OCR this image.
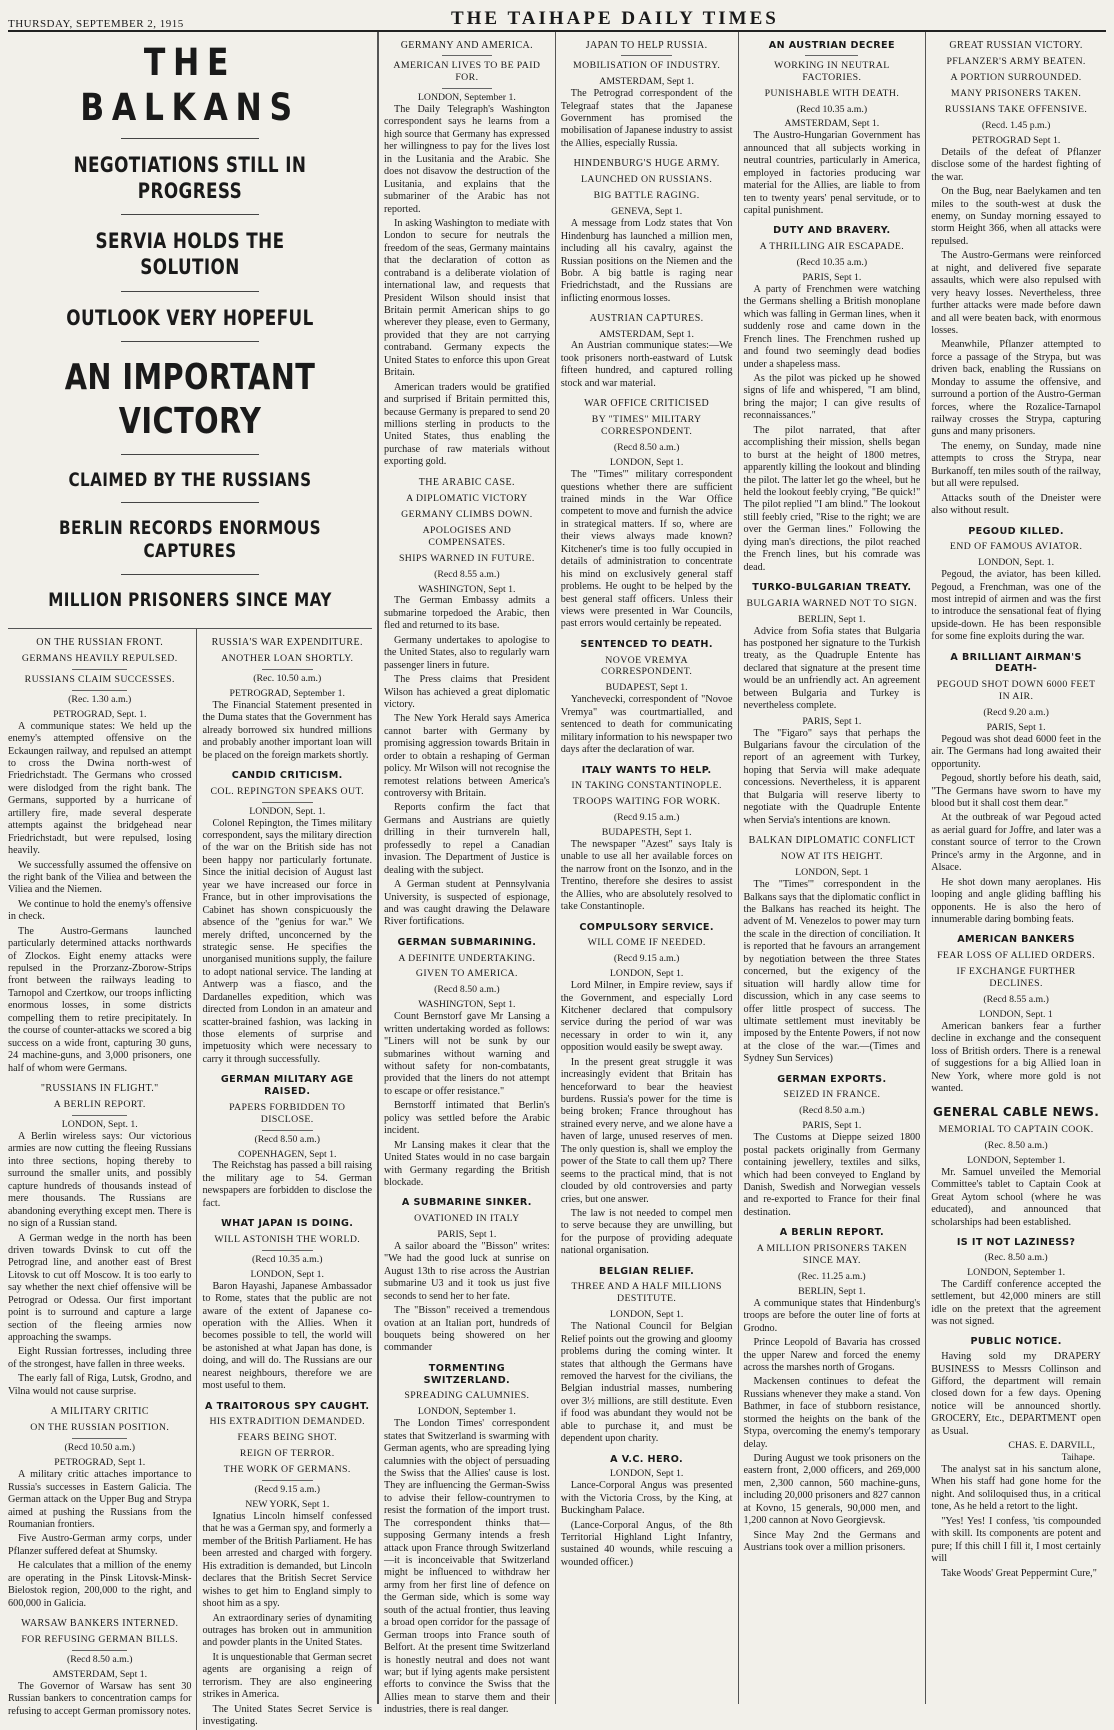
THURSDAY, SEPTEMBER 2, 1915	THE TAIHAPE DAILY TIMES
THE BALKANS
NEGOTIATIONS STILL IN PROGRESS
SERVIA HOLDS THE SOLUTION
OUTLOOK VERY HOPEFUL
AN IMPORTANT VICTORY
CLAIMED BY THE RUSSIANS
BERLIN RECORDS ENORMOUS CAPTURES
MILLION PRISONERS SINCE MAY
ON THE RUSSIAN FRONT.
GERMANS HEAVILY REPULSED.
RUSSIANS CLAIM SUCCESSES.
(Rec. 1.30 a.m.)
PETROGRAD, Sept. 1.

A communique states: We held up the enemy's attempted offensive on the Eckaungen railway, and repulsed an attempt to cross the Dwina north-west of Friedrichstadt. The Germans who crossed were dislodged from the right bank. The Germans, supported by a hurricane of artillery fire, made several desperate attempts against the bridgehead near Friedrichstadt, but were repulsed, losing heavily.

We successfully assumed the offensive on the right bank of the Viliea and between the Viliea and the Niemen.

We continue to hold the enemy's offensive in check.

The Austro-Germans launched particularly determined attacks northwards of Zlockos. Eight enemy attacks were repulsed in the Prorzanz-Zborow-Strips front between the railways leading to Tarnopol and Czertkow, our troops inflicting enormous losses, in some districts compelling them to retire precipitately. In the course of counter-attacks we scored a big success on a wide front, capturing 30 guns, 24 machine-guns, and 3,000 prisoners, one half of whom were Germans.

"RUSSIANS IN FLIGHT."
A BERLIN REPORT.
LONDON, Sept. 1.

A Berlin wireless says: Our victorious armies are now cutting the fleeing Russians into three sections, hoping thereby to surround the smaller units, and possibly capture hundreds of thousands instead of mere thousands. The Russians are abandoning everything except men. There is no sign of a Russian stand.

A German wedge in the north has been driven towards Dvinsk to cut off the Petrograd line, and another east of Brest Litovsk to cut off Moscow. It is too early to say whether the next chief offensive will be Petrograd or Odessa. Our first important point is to surround and capture a large section of the fleeing armies now approaching the swamps.

Eight Russian fortresses, including three of the strongest, have fallen in three weeks.

The early fall of Riga, Lutsk, Grodno, and Vilna would not cause surprise.

A MILITARY CRITIC
ON THE RUSSIAN POSITION.
(Recd 10.50 a.m.)
PETROGRAD, Sept 1.

A military critic attaches importance to Russia's successes in Eastern Galicia. The German attack on the Upper Bug and Strypa aimed at pushing the Russians from the Roumanian frontiers.

Five Austro-German army corps, under Pflanzer suffered defeat at Shumsky.

He calculates that a million of the enemy are operating in the Pinsk Litovsk-Minsk-Bielostok region, 200,000 to the right, and 600,000 in Galicia.

WARSAW BANKERS INTERNED.
FOR REFUSING GERMAN BILLS.
(Recd 8.50 a.m.)
AMSTERDAM, Sept 1.

The Governor of Warsaw has sent 30 Russian bankers to concentration camps for refusing to accept German promissory notes.

RUSSIA'S WAR EXPENDITURE.
ANOTHER LOAN SHORTLY.
(Rec. 10.50 a.m.)
PETROGRAD, September 1.

The Financial Statement presented in the Duma states that the Government has already borrowed six hundred millions and probably another important loan will be placed on the foreign markets shortly.

CANDID CRITICISM.
COL. REPINGTON SPEAKS OUT.
LONDON, Sept. 1.

Colonel Repington, the Times military correspondent, says the military direction of the war on the British side has not been happy nor particularly fortunate. Since the initial decision of August last year we have increased our force in France, but in other improvisations the Cabinet has shown conspicuously the absence of the "genius for war." We merely drifted, unconcerned by the strategic sense. He specifies the unorganised munitions supply, the failure to adopt national service. The landing at Antwerp was a fiasco, and the Dardanelles expedition, which was directed from London in an amateur and scatter-brained fashion, was lacking in those elements of surprise and impetuosity which were necessary to carry it through successfully.

GERMAN MILITARY AGE RAISED.
PAPERS FORBIDDEN TO DISCLOSE.
(Recd 8.50 a.m.)
COPENHAGEN, Sept 1.

The Reichstag has passed a bill raising the military age to 54. German newspapers are forbidden to disclose the fact.

WHAT JAPAN IS DOING.
WILL ASTONISH THE WORLD.
(Recd 10.35 a.m.)
LONDON, Sept 1.

Baron Hayashi, Japanese Ambassador to Rome, states that the public are not aware of the extent of Japanese co-operation with the Allies. When it becomes possible to tell, the world will be astonished at what Japan has done, is doing, and will do. The Russians are our nearest neighbours, therefore we are most useful to them.

A TRAITOROUS SPY CAUGHT.
HIS EXTRADITION DEMANDED.
FEARS BEING SHOT.
REIGN OF TERROR.
THE WORK OF GERMANS.
(Recd 9.15 a.m.)
NEW YORK, Sept 1.

Ignatius Lincoln himself confessed that he was a German spy, and formerly a member of the British Parliament. He has been arrested and charged with forgery. His extradition is demanded, but Lincoln declares that the British Secret Service wishes to get him to England simply to shoot him as a spy.

An extraordinary series of dynamiting outrages has broken out in ammunition and powder plants in the United States.

It is unquestionable that German secret agents are organising a reign of terrorism. They are also engineering strikes in America.

The United States Secret Service is investigating.

GERMANY AND AMERICA.
AMERICAN LIVES TO BE PAID FOR.
LONDON, September 1.

The Daily Telegraph's Washington correspondent says he learns from a high source that Germany has expressed her willingness to pay for the lives lost in the Lusitania and the Arabic. She does not disavow the destruction of the Lusitania, and explains that the submariner of the Arabic has not reported.

In asking Washington to mediate with London to secure for neutrals the freedom of the seas, Germany maintains that the declaration of cotton as contraband is a deliberate violation of international law, and requests that President Wilson should insist that Britain permit American ships to go wherever they please, even to Germany, provided that they are not carrying contraband. Germany expects the United States to enforce this upon Great Britain.

American traders would be gratified and surprised if Britain permitted this, because Germany is prepared to send 20 millions sterling in products to the United States, thus enabling the purchase of raw materials without exporting gold.

THE ARABIC CASE.
A DIPLOMATIC VICTORY
GERMANY CLIMBS DOWN.
APOLOGISES AND COMPENSATES.
SHIPS WARNED IN FUTURE.
(Recd 8.55 a.m.)
WASHINGTON, Sept 1.

The German Embassy admits a submarine torpedoed the Arabic, then fled and returned to its base.

Germany undertakes to apologise to the United States, also to regularly warn passenger liners in future.

The Press claims that President Wilson has achieved a great diplomatic victory.

The New York Herald says America cannot barter with Germany by promising aggression towards Britain in order to obtain a reshaping of German policy. Mr Wilson will not recognise the remotest relations between America's controversy with Britain.

Reports confirm the fact that Germans and Austrians are quietly drilling in their turnvereln hall, professedly to repel a Canadian invasion. The Department of Justice is dealing with the subject.

A German student at Pennsylvania University, is suspected of espionage, and was caught drawing the Delaware River fortifications.

GERMAN SUBMARINING.
A DEFINITE UNDERTAKING.
GIVEN TO AMERICA.
(Recd 8.50 a.m.)
WASHINGTON, Sept 1.

Count Bernstorf gave Mr Lansing a written undertaking worded as follows: "Liners will not be sunk by our submarines without warning and without safety for non-combatants, provided that the liners do not attempt to escape or offer resistance."

Bernstorff intimated that Berlin's policy was settled before the Arabic incident.

Mr Lansing makes it clear that the United States would in no case bargain with Germany regarding the British blockade.

A SUBMARINE SINKER.
OVATIONED IN ITALY
PARIS, Sept 1.

A sailor aboard the "Bisson" writes: "We had the good luck at sunrise on August 13th to rise across the Austrian submarine U3 and it took us just five seconds to send her to her fate.

The "Bisson" received a tremendous ovation at an Italian port, hundreds of bouquets being showered on her commander

TORMENTING SWITZERLAND.
SPREADING CALUMNIES.
LONDON, September 1.

The London Times' correspondent states that Switzerland is swarming with German agents, who are spreading lying calumnies with the object of persuading the Swiss that the Allies' cause is lost. They are influencing the German-Swiss to advise their fellow-countrymen to resist the formation of the import trust. The correspondent thinks that—supposing Germany intends a fresh attack upon France through Switzerland—it is inconceivable that Switzerland might be influenced to withdraw her army from her first line of defence on the German side, which is some way south of the actual frontier, thus leaving a broad open corridor for the passage of German troops into France south of Belfort. At the present time Switzerland is honestly neutral and does not want war; but if lying agents make persistent efforts to convince the Swiss that the Allies mean to starve them and their industries, there is real danger.

JAPAN TO HELP RUSSIA.
MOBILISATION OF INDUSTRY.
AMSTERDAM, Sept 1.

The Petrograd correspondent of the Telegraaf states that the Japanese Government has promised the mobilisation of Japanese industry to assist the Allies, especially Russia.

HINDENBURG'S HUGE ARMY.
LAUNCHED ON RUSSIANS.
BIG BATTLE RAGING.
GENEVA, Sept 1.

A message from Lodz states that Von Hindenburg has launched a million men, including all his cavalry, against the Russian positions on the Niemen and the Bobr. A big battle is raging near Friedrichstadt, and the Russians are inflicting enormous losses.

AUSTRIAN CAPTURES.
AMSTERDAM, Sept 1.

An Austrian communique states:—We took prisoners north-eastward of Lutsk fifteen hundred, and captured rolling stock and war material.

WAR OFFICE CRITICISED
BY "TIMES" MILITARY CORRESPONDENT.
(Recd 8.50 a.m.)
LONDON, Sept 1.

The "Times'" military correspondent questions whether there are sufficient trained minds in the War Office competent to move and furnish the advice in strategical matters. If so, where are their views always made known? Kitchener's time is too fully occupied in details of administration to concentrate his mind on exclusively general staff problems. He ought to be helped by the best general staff officers. Unless their views were presented in War Councils, past errors would certainly be repeated.

SENTENCED TO DEATH.
NOVOE VREMYA CORRESPONDENT.
BUDAPEST, Sept 1.

Yanchevecki, correspondent of "Novoe Vremya" was courtmartialled, and sentenced to death for communicating military information to his newspaper two days after the declaration of war.

ITALY WANTS TO HELP.
IN TAKING CONSTANTINOPLE.
TROOPS WAITING FOR WORK.
(Recd 9.15 a.m.)
BUDAPESTH, Sept 1.

The newspaper "Azest" says Italy is unable to use all her available forces on the narrow front on the Isonzo, and in the Trentino, therefore she desires to assist the Allies, who are absolutely resolved to take Constantinople.

COMPULSORY SERVICE.
WILL COME IF NEEDED.
(Recd 9.15 a.m.)
LONDON, Sept 1.

Lord Milner, in Empire review, says if the Government, and especially Lord Kitchener declared that compulsory service during the period of war was necessary in order to win it, any opposition would easily be swept away.

In the present great struggle it was increasingly evident that Britain has henceforward to bear the heaviest burdens. Russia's power for the time is being broken; France throughout has strained every nerve, and we alone have a haven of large, unused reserves of men. The only question is, shall we employ the power of the State to call them up? There seems to the practical mind, that is not clouded by old controversies and party cries, but one answer.

The law is not needed to compel men to serve because they are unwilling, but for the purpose of providing adequate national organisation.

BELGIAN RELIEF.
THREE AND A HALF MILLIONS DESTITUTE.
LONDON, Sept 1.

The National Council for Belgian Relief points out the growing and gloomy problems during the coming winter. It states that although the Germans have removed the harvest for the civilians, the Belgian industrial masses, numbering over 3½ millions, are still destitute. Even if food was abundant they would not be able to purchase it, and must be dependent upon charity.

A V.C. HERO.
LONDON, Sept 1.

Lance-Corporal Angus was presented with the Victoria Cross, by the King, at Buckingham Palace.

(Lance-Corporal Angus, of the 8th Territorial Highland Light Infantry, sustained 40 wounds, while rescuing a wounded officer.)

AN AUSTRIAN DECREE
WORKING IN NEUTRAL FACTORIES.
PUNISHABLE WITH DEATH.
(Recd 10.35 a.m.)
AMSTERDAM, Sept 1.

The Austro-Hungarian Government has announced that all subjects working in neutral countries, particularly in America, employed in factories producing war material for the Allies, are liable to from ten to twenty years' penal servitude, or to capital punishment.

DUTY AND BRAVERY.
A THRILLING AIR ESCAPADE.
(Recd 10.35 a.m.)
PARIS, Sept 1.

A party of Frenchmen were watching the Germans shelling a British monoplane which was falling in German lines, when it suddenly rose and came down in the French lines. The Frenchmen rushed up and found two seemingly dead bodies under a shapeless mass.

As the pilot was picked up he showed signs of life and whispered, "I am blind, bring the major; I can give results of reconnaissances."

The pilot narrated, that after accomplishing their mission, shells began to burst at the height of 1800 metres, apparently killing the lookout and blinding the pilot. The latter let go the wheel, but he held the lookout feebly crying, "Be quick!" The pilot replied "I am blind." The lookout still feebly cried, "Rise to the right; we are over the German lines." Following the dying man's directions, the pilot reached the French lines, but his comrade was dead.

TURKO-BULGARIAN TREATY.
BULGARIA WARNED NOT TO SIGN.
BERLIN, Sept 1.

Advice from Sofia states that Bulgaria has postponed her signature to the Turkish treaty, as the Quadruple Entente has declared that signature at the present time would be an unfriendly act. An agreement between Bulgaria and Turkey is nevertheless complete.

PARIS, Sept 1.

The "Figaro" says that perhaps the Bulgarians favour the circulation of the report of an agreement with Turkey, hoping that Servia will make adequate concessions. Nevertheless, it is apparent that Bulgaria will reserve liberty to negotiate with the Quadruple Entente when Servia's intentions are known.

BALKAN DIPLOMATIC CONFLICT
NOW AT ITS HEIGHT.
LONDON, Sept. 1

The "Times'" correspondent in the Balkans says that the diplomatic conflict in the Balkans has reached its height. The advent of M. Venezelos to power may turn the scale in the direction of conciliation. It is reported that he favours an arrangement by negotiation between the three States concerned, but the exigency of the situation will hardly allow time for discussion, which in any case seems to offer little prospect of success. The ultimate settlement must inevitably be imposed by the Entente Powers, if not now at the close of the war.—(Times and Sydney Sun Services)

GERMAN EXPORTS.
SEIZED IN FRANCE.
(Recd 8.50 a.m.)
PARIS, Sept 1.

The Customs at Dieppe seized 1800 postal packets originally from Germany containing jewellery, textiles and silks, which had been conveyed to England by Danish, Swedish and Norwegian vessels and re-exported to France for their final destination.

A BERLIN REPORT.
A MILLION PRISONERS TAKEN SINCE MAY.
(Rec. 11.25 a.m.)
BERLIN, Sept 1.

A communique states that Hindenburg's troops are before the outer line of forts at Grodno.

Prince Leopold of Bavaria has crossed the upper Narew and forced the enemy across the marshes north of Grogans.

Mackensen continues to defeat the Russians whenever they make a stand. Von Bathmer, in face of stubborn resistance, stormed the heights on the bank of the Stypa, overcoming the enemy's temporary delay.

During August we took prisoners on the eastern front, 2,000 officers, and 269,000 men, 2,300 cannon, 560 machine-guns, including 20,000 prisoners and 827 cannon at Kovno, 15 generals, 90,000 men, and 1,200 cannon at Novo Georgievsk.

Since May 2nd the Germans and Austrians took over a million prisoners.

GREAT RUSSIAN VICTORY.
PFLANZER'S ARMY BEATEN.
A PORTION SURROUNDED.
MANY PRISONERS TAKEN.
RUSSIANS TAKE OFFENSIVE.
(Recd. 1.45 p.m.)
PETROGRAD Sept 1.

Details of the defeat of Pflanzer disclose some of the hardest fighting of the war.

On the Bug, near Baelykamen and ten miles to the south-west at dusk the enemy, on Sunday morning essayed to storm Height 366, when all attacks were repulsed.

The Austro-Germans were reinforced at night, and delivered five separate assaults, which were also repulsed with very heavy losses. Nevertheless, three further attacks were made before dawn and all were beaten back, with enormous losses.

Meanwhile, Pflanzer attempted to force a passage of the Strypa, but was driven back, enabling the Russians on Monday to assume the offensive, and surround a portion of the Austro-German forces, where the Rozalice-Tarnapol railway crosses the Strypa, capturing guns and many prisoners.

The enemy, on Sunday, made nine attempts to cross the Strypa, near Burkanoff, ten miles south of the railway, but all were repulsed.

Attacks south of the Dneister were also without result.

PEGOUD KILLED.
END OF FAMOUS AVIATOR.
LONDON, Sept. 1.

Pegoud, the aviator, has been killed. Pegoud, a Frenchman, was one of the most intrepid of airmen and was the first to introduce the sensational feat of flying upside-down. He has been responsible for some fine exploits during the war.

A BRILLIANT AIRMAN'S DEATH-
PEGOUD SHOT DOWN 6000 FEET IN AIR.
(Recd 9.20 a.m.)
PARIS, Sept 1.

Pegoud was shot dead 6000 feet in the air. The Germans had long awaited their opportunity.

Pegoud, shortly before his death, said, "The Germans have sworn to have my blood but it shall cost them dear."

At the outbreak of war Pegoud acted as aerial guard for Joffre, and later was a constant source of terror to the Crown Prince's army in the Argonne, and in Alsace.

He shot down many aeroplanes. His looping and angle gliding baffling his opponents. He is also the hero of innumerable daring bombing feats.

AMERICAN BANKERS
FEAR LOSS OF ALLIED ORDERS.
IF EXCHANGE FURTHER DECLINES.
(Recd 8.55 a.m.)
LONDON, Sept. 1

American bankers fear a further decline in exchange and the consequent loss of British orders. There is a renewal of suggestions for a big Allied loan in New York, where more gold is not wanted.

GENERAL CABLE NEWS.
MEMORIAL TO CAPTAIN COOK.
(Rec. 8.50 a.m.)
LONDON, September 1.

Mr. Samuel unveiled the Memorial Committee's tablet to Captain Cook at Great Aytom school (where he was educated), and announced that scholarships had been established.

IS IT NOT LAZINESS?
(Rec. 8.50 a.m.)
LONDON, September 1.

The Cardiff conference accepted the settlement, but 42,000 miners are still idle on the pretext that the agreement was not signed.

PUBLIC NOTICE.

Having sold my DRAPERY BUSINESS to Messrs Collinson and Gifford, the department will remain closed down for a few days. Opening notice will be announced shortly. GROCERY, Etc., DEPARTMENT open as Usual.

CHAS. E. DARVILL,
Taihape.

The analyst sat in his sanctum alone, When his staff had gone home for the night. And soliloquised thus, in a critical tone, As he held a retort to the light.

"Yes! Yes! I confess, 'tis compounded with skill. Its components are potent and pure; If this chill I fill it, I most certainly will

Take Woods' Great Peppermint Cure,"
